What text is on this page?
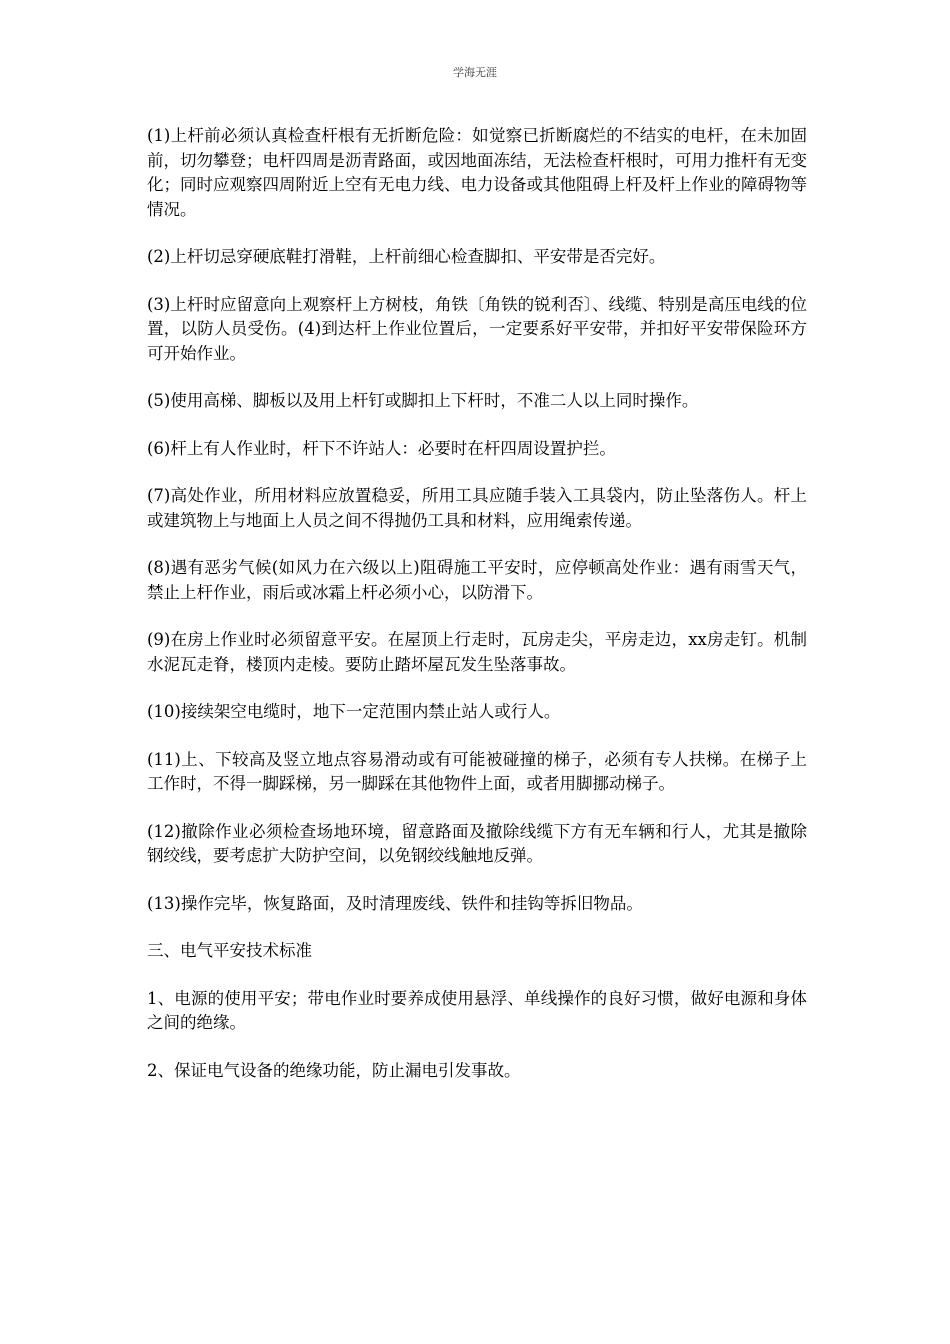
学海无涯

(1)上杆前必须认真检查杆根有无折断危险：如觉察已折断腐烂的不结实的电杆，在未加固前，切勿攀登；电杆四周是沥青路面，或因地面冻结，无法检查杆根时，可用力推杆有无变化；同时应观察四周附近上空有无电力线、电力设备或其他阻碍上杆及杆上作业的障碍物等情况。

(2)上杆切忌穿硬底鞋打滑鞋，上杆前细心检查脚扣、平安带是否完好。

(3)上杆时应留意向上观察杆上方树枝，角铁〔角铁的锐利否〕、线缆、特别是高压电线的位置，以防人员受伤。(4)到达杆上作业位置后，一定要系好平安带，并扣好平安带保险环方可开始作业。

(5)使用高梯、脚板以及用上杆钉或脚扣上下杆时，不准二人以上同时操作。

(6)杆上有人作业时，杆下不许站人：必要时在杆四周设置护拦。

(7)高处作业，所用材料应放置稳妥，所用工具应随手装入工具袋内，防止坠落伤人。杆上或建筑物上与地面上人员之间不得抛仍工具和材料，应用绳索传递。

(8)遇有恶劣气候(如风力在六级以上)阻碍施工平安时，应停顿高处作业：遇有雨雪天气，禁止上杆作业，雨后或冰霜上杆必须小心，以防滑下。

(9)在房上作业时必须留意平安。在屋顶上行走时，瓦房走尖，平房走边，xx房走钉。机制水泥瓦走脊，楼顶内走棱。要防止踏坏屋瓦发生坠落事故。

(10)接续架空电缆时，地下一定范围内禁止站人或行人。

(11)上、下较高及竖立地点容易滑动或有可能被碰撞的梯子，必须有专人扶梯。在梯子上工作时，不得一脚踩梯，另一脚踩在其他物件上面，或者用脚挪动梯子。

(12)撤除作业必须检查场地环境，留意路面及撤除线缆下方有无车辆和行人，尤其是撤除钢绞线，要考虑扩大防护空间，以免钢绞线触地反弹。

(13)操作完毕，恢复路面，及时清理废线、铁件和挂钩等拆旧物品。

三、电气平安技术标准

1、电源的使用平安；带电作业时要养成使用悬浮、单线操作的良好习惯，做好电源和身体之间的绝缘。

2、保证电气设备的绝缘功能，防止漏电引发事故。
